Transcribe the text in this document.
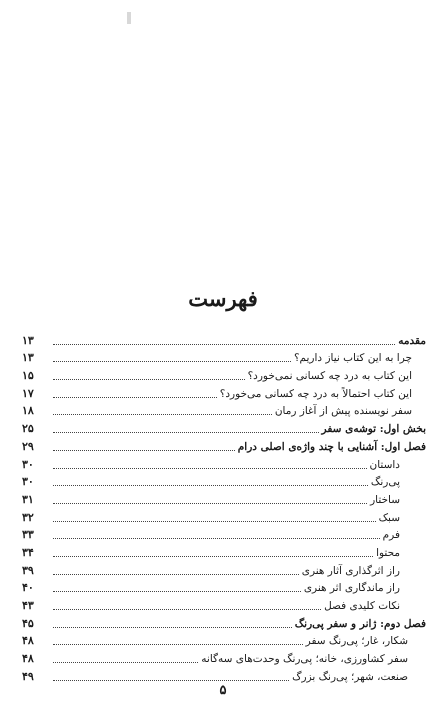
فهرست
مقدمه
۱۳
چرا به این کتاب نیاز داریم؟
۱۳
این کتاب به درد چه کسانی نمی‌خورد؟
۱۵
این کتاب احتمالاً به درد چه کسانی می‌خورد؟
۱۷
سفر نویسنده پیش از آغاز رمان
۱۸
بخش اول: توشه‌ی سفر
۲۵
فصل اول: آشنایی با چند واژه‌ی اصلی درام
۲۹
داستان
۳۰
پی‌رنگ
۳۰
ساختار
۳۱
سبک
۳۲
فرم
۳۳
محتوا
۳۴
راز اثرگذاری آثار هنری
۳۹
راز ماندگاری اثر هنری
۴۰
نکات کلیدی فصل
۴۳
فصل دوم: ژانر و سفر پی‌رنگ
۴۵
شکار، غار؛ پی‌رنگ سفر
۴۸
سفر کشاورزی، خانه؛ پی‌رنگ وحدت‌های سه‌گانه
۴۸
صنعت، شهر؛ پی‌رنگ بزرگ
۴۹
۵
